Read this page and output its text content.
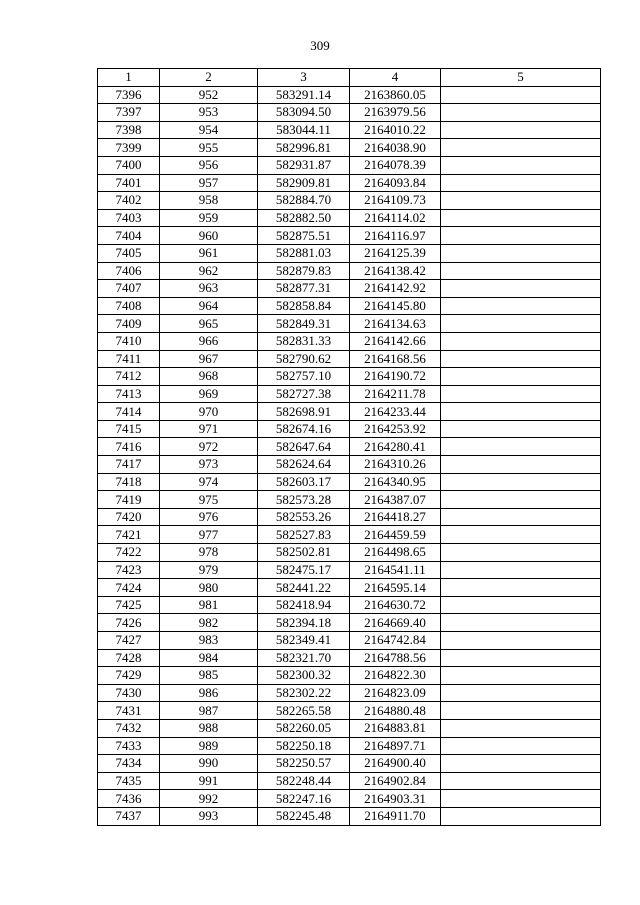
309
1	2	3	4	5
7396	952	583291.14	2163860.05	
7397	953	583094.50	2163979.56	
7398	954	583044.11	2164010.22	
7399	955	582996.81	2164038.90	
7400	956	582931.87	2164078.39	
7401	957	582909.81	2164093.84	
7402	958	582884.70	2164109.73	
7403	959	582882.50	2164114.02	
7404	960	582875.51	2164116.97	
7405	961	582881.03	2164125.39	
7406	962	582879.83	2164138.42	
7407	963	582877.31	2164142.92	
7408	964	582858.84	2164145.80	
7409	965	582849.31	2164134.63	
7410	966	582831.33	2164142.66	
7411	967	582790.62	2164168.56	
7412	968	582757.10	2164190.72	
7413	969	582727.38	2164211.78	
7414	970	582698.91	2164233.44	
7415	971	582674.16	2164253.92	
7416	972	582647.64	2164280.41	
7417	973	582624.64	2164310.26	
7418	974	582603.17	2164340.95	
7419	975	582573.28	2164387.07	
7420	976	582553.26	2164418.27	
7421	977	582527.83	2164459.59	
7422	978	582502.81	2164498.65	
7423	979	582475.17	2164541.11	
7424	980	582441.22	2164595.14	
7425	981	582418.94	2164630.72	
7426	982	582394.18	2164669.40	
7427	983	582349.41	2164742.84	
7428	984	582321.70	2164788.56	
7429	985	582300.32	2164822.30	
7430	986	582302.22	2164823.09	
7431	987	582265.58	2164880.48	
7432	988	582260.05	2164883.81	
7433	989	582250.18	2164897.71	
7434	990	582250.57	2164900.40	
7435	991	582248.44	2164902.84	
7436	992	582247.16	2164903.31	
7437	993	582245.48	2164911.70	
